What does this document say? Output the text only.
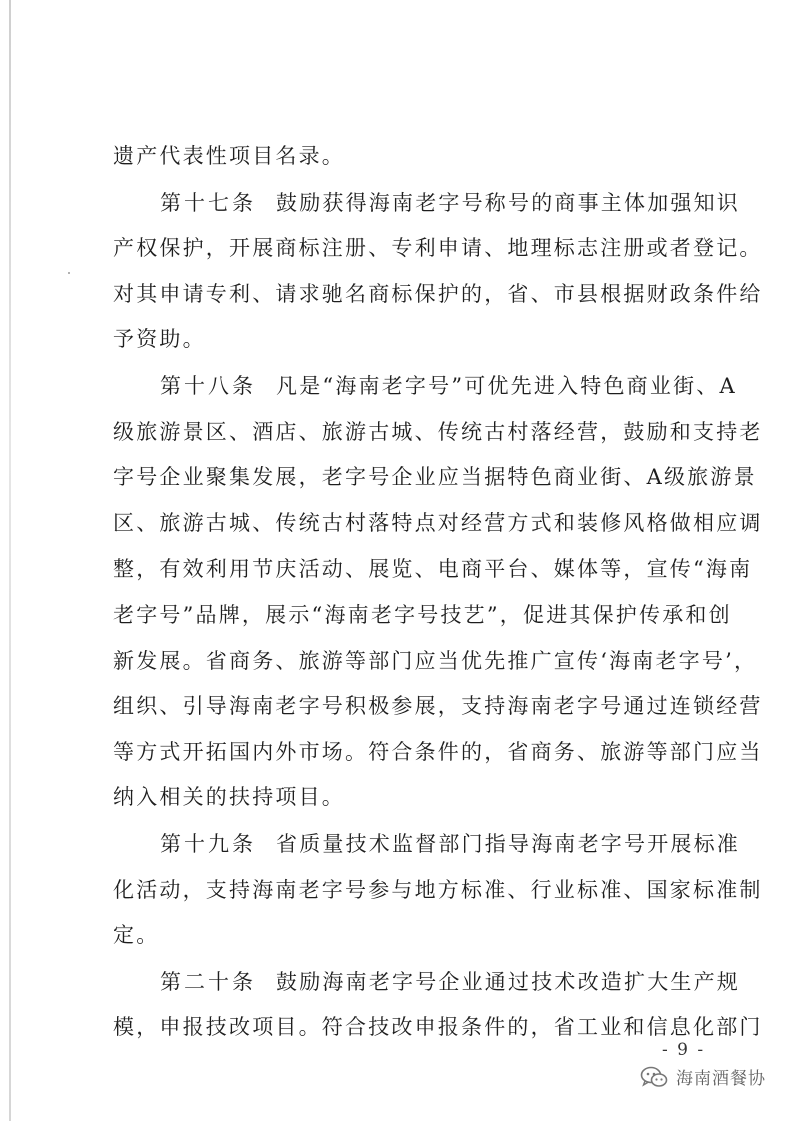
遗产代表性项目名录。
第十七条 鼓励获得海南老字号称号的商事主体加强知识
产权保护，开展商标注册、专利申请、地理标志注册或者登记。
对其申请专利、请求驰名商标保护的，省、市县根据财政条件给
予资助。
第十八条 凡是“海南老字号”可优先进入特色商业街、A
级旅游景区、酒店、旅游古城、传统古村落经营，鼓励和支持老
字号企业聚集发展，老字号企业应当据特色商业街、A级旅游景
区、旅游古城、传统古村落特点对经营方式和装修风格做相应调
整，有效利用节庆活动、展览、电商平台、媒体等，宣传“海南
老字号”品牌，展示“海南老字号技艺”，促进其保护传承和创
新发展。省商务、旅游等部门应当优先推广宣传‘海南老字号’，
组织、引导海南老字号积极参展，支持海南老字号通过连锁经营
等方式开拓国内外市场。符合条件的，省商务、旅游等部门应当
纳入相关的扶持项目。
第十九条 省质量技术监督部门指导海南老字号开展标准
化活动，支持海南老字号参与地方标准、行业标准、国家标准制
定。
第二十条 鼓励海南老字号企业通过技术改造扩大生产规
模，申报技改项目。符合技改申报条件的，省工业和信息化部门
- 9 -
海南酒餐协
